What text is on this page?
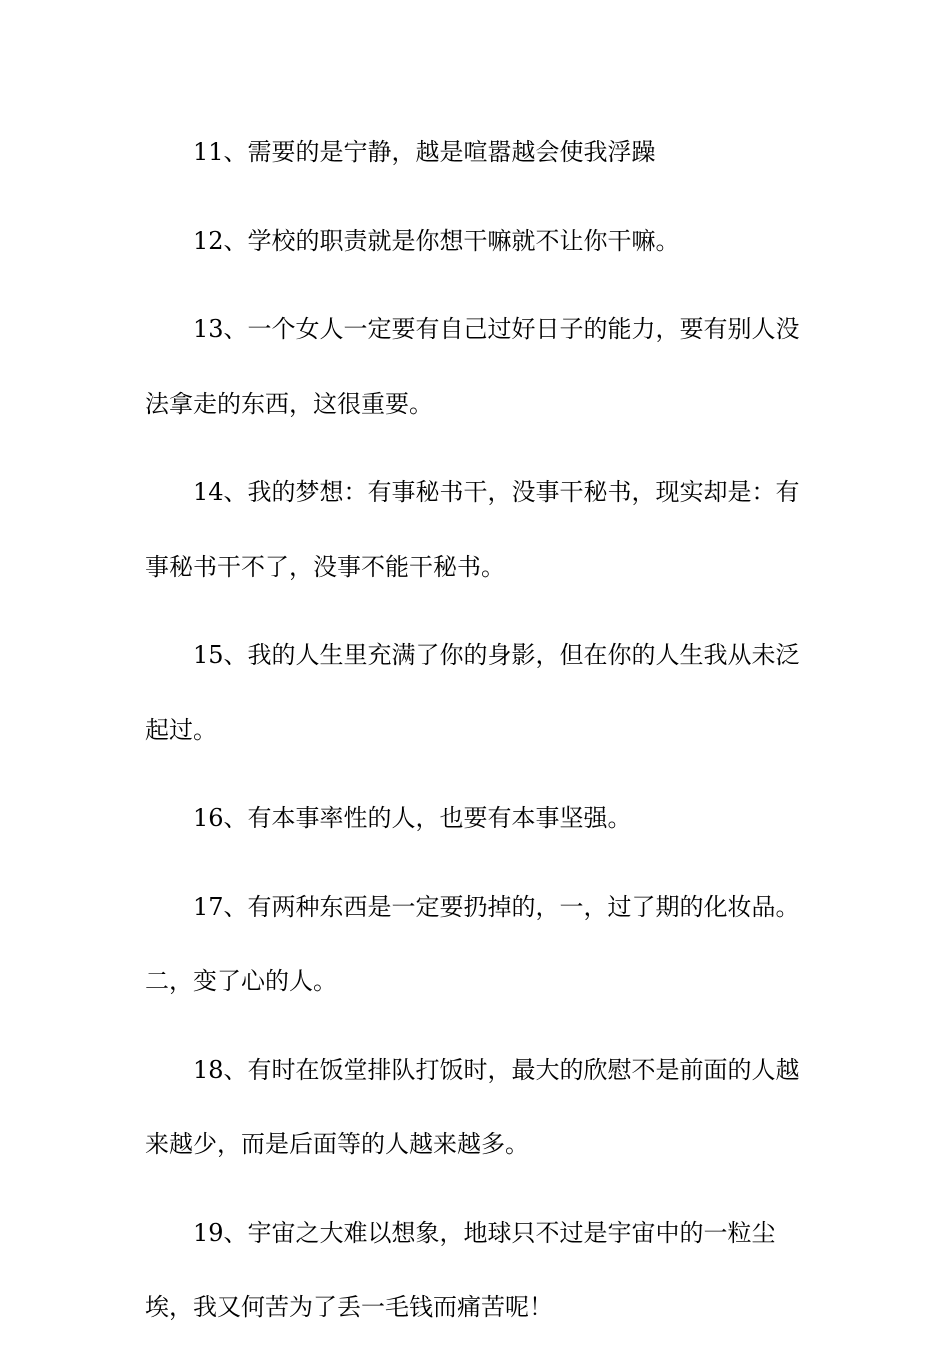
11、需要的是宁静，越是喧嚣越会使我浮躁

12、学校的职责就是你想干嘛就不让你干嘛。

13、一个女人一定要有自己过好日子的能力，要有别人没法拿走的东西，这很重要。

14、我的梦想：有事秘书干，没事干秘书，现实却是：有事秘书干不了，没事不能干秘书。

15、我的人生里充满了你的身影，但在你的人生我从未泛起过。

16、有本事率性的人，也要有本事坚强。

17、有两种东西是一定要扔掉的，一，过了期的化妆品。二，变了心的人。

18、有时在饭堂排队打饭时，最大的欣慰不是前面的人越来越少，而是后面等的人越来越多。

19、宇宙之大难以想象，地球只不过是宇宙中的一粒尘埃，我又何苦为了丢一毛钱而痛苦呢！
